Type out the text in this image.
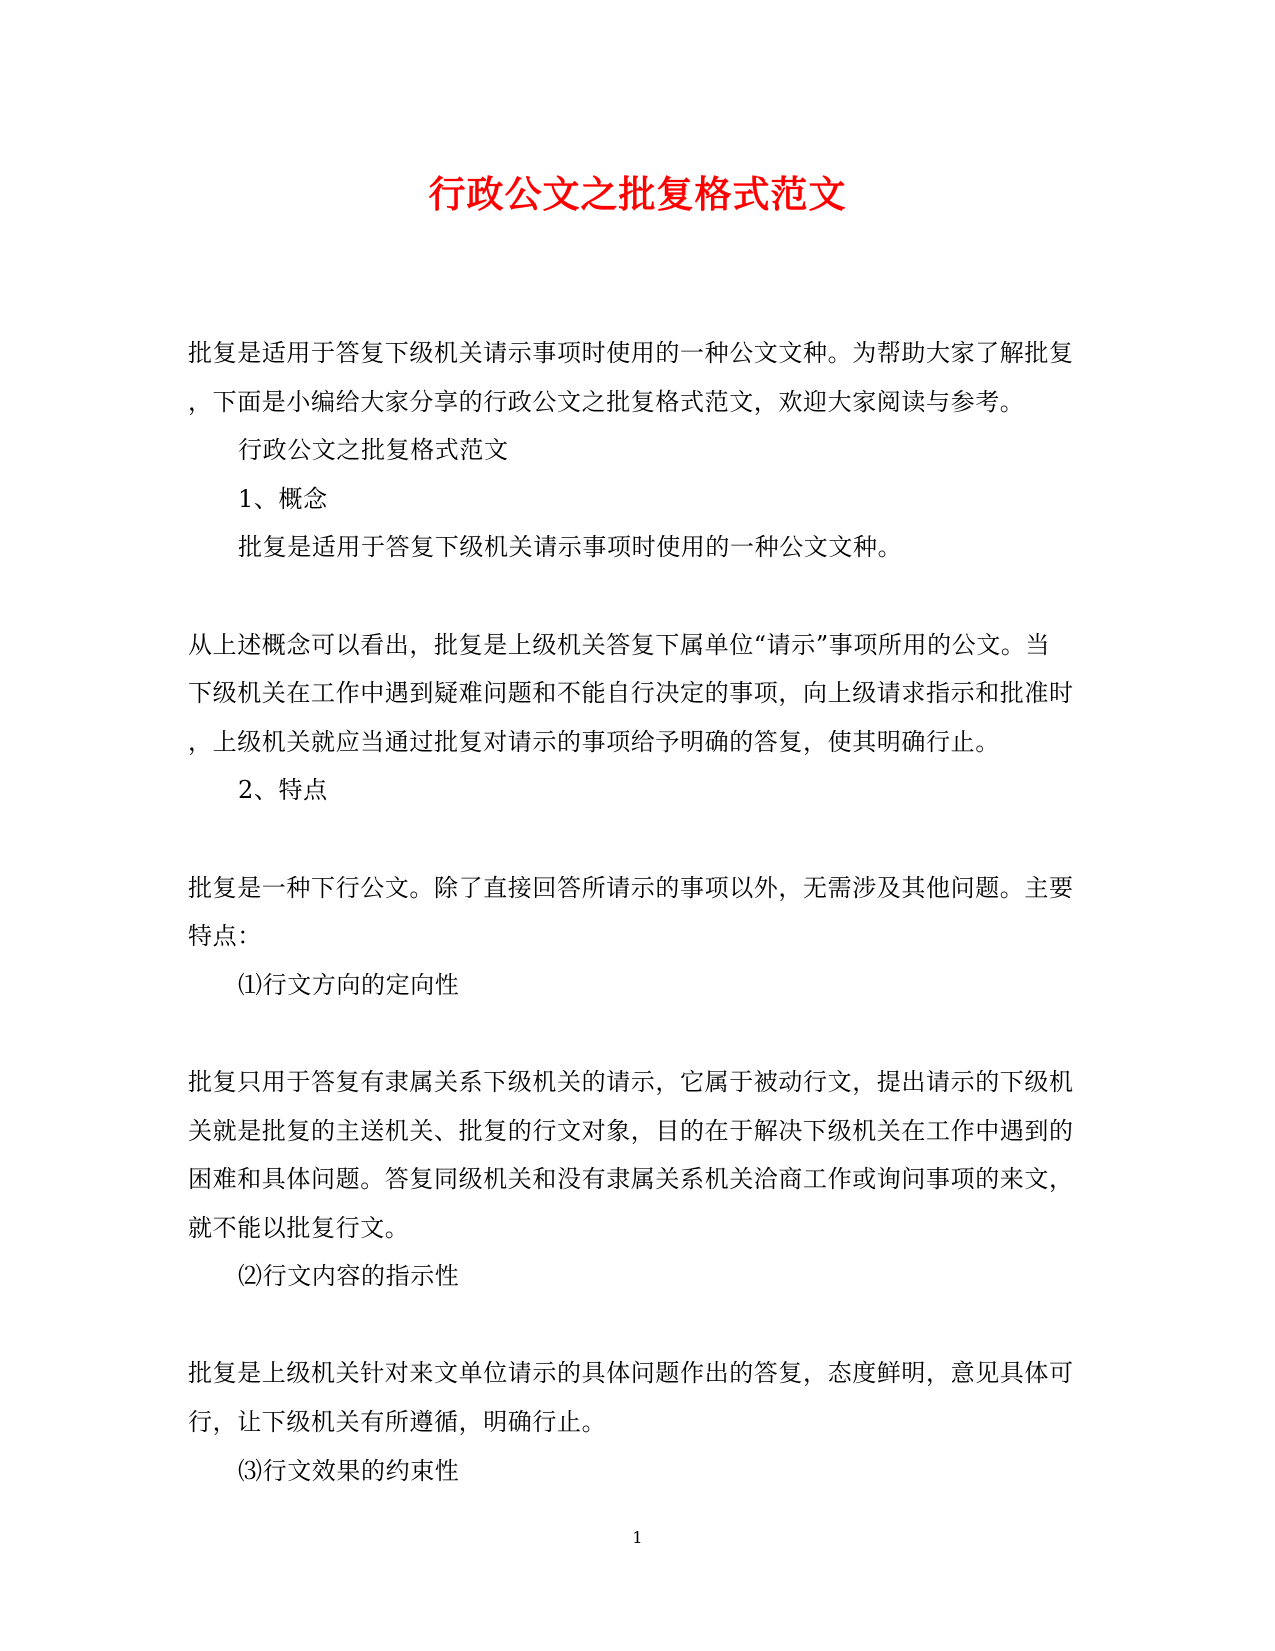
行政公文之批复格式范文

批复是适用于答复下级机关请示事项时使用的一种公文文种。为帮助大家了解批复

，下面是小编给大家分享的行政公文之批复格式范文，欢迎大家阅读与参考。

行政公文之批复格式范文

1、概念

批复是适用于答复下级机关请示事项时使用的一种公文文种。

从上述概念可以看出，批复是上级机关答复下属单位“请示”事项所用的公文。当

下级机关在工作中遇到疑难问题和不能自行决定的事项，向上级请求指示和批准时

，上级机关就应当通过批复对请示的事项给予明确的答复，使其明确行止。

2、特点

批复是一种下行公文。除了直接回答所请示的事项以外，无需涉及其他问题。主要

特点：

⑴行文方向的定向性

批复只用于答复有隶属关系下级机关的请示，它属于被动行文，提出请示的下级机

关就是批复的主送机关、批复的行文对象，目的在于解决下级机关在工作中遇到的

困难和具体问题。答复同级机关和没有隶属关系机关洽商工作或询问事项的来文，

就不能以批复行文。

⑵行文内容的指示性

批复是上级机关针对来文单位请示的具体问题作出的答复，态度鲜明，意见具体可

行，让下级机关有所遵循，明确行止。

⑶行文效果的约束性

1
